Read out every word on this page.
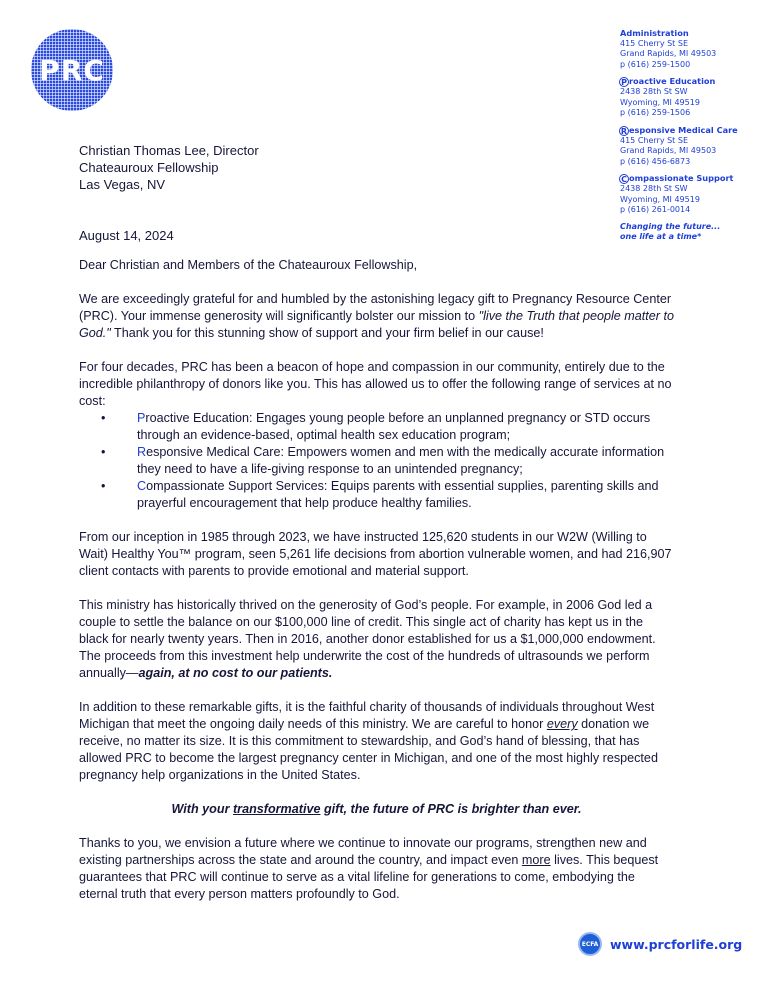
PRC
Administration
415 Cherry St SE
Grand Rapids, MI 49503
p (616) 259-1500
P roactive Education
2438 28th St SW
Wyoming, MI 49519
p (616) 259-1506
R esponsive Medical Care
415 Cherry St SE
Grand Rapids, MI 49503
p (616) 456-6873
C ompassionate Support
2438 28th St SW
Wyoming, MI 49519
p (616) 261-0014
Changing the future...
one life at a time*
Christian Thomas Lee, Director
Chateauroux Fellowship
Las Vegas, NV
August 14, 2024

Dear Christian and Members of the Chateauroux Fellowship,

We are exceedingly grateful for and humbled by the astonishing legacy gift to Pregnancy Resource Center (PRC). Your immense generosity will significantly bolster our mission to "live the Truth that people matter to God." Thank you for this stunning show of support and your firm belief in our cause!

For four decades, PRC has been a beacon of hope and compassion in our community, entirely due to the incredible philanthropy of donors like you. This has allowed us to offer the following range of services at no cost:

• Proactive Education: Engages young people before an unplanned pregnancy or STD occurs through an evidence-based, optimal health sex education program;
• Responsive Medical Care: Empowers women and men with the medically accurate information they need to have a life-giving response to an unintended pregnancy;
• Compassionate Support Services: Equips parents with essential supplies, parenting skills and prayerful encouragement that help produce healthy families.

From our inception in 1985 through 2023, we have instructed 125,620 students in our W2W (Willing to Wait) Healthy You™ program, seen 5,261 life decisions from abortion vulnerable women, and had 216,907 client contacts with parents to provide emotional and material support.

This ministry has historically thrived on the generosity of God’s people. For example, in 2006 God led a couple to settle the balance on our $100,000 line of credit. This single act of charity has kept us in the black for nearly twenty years. Then in 2016, another donor established for us a $1,000,000 endowment. The proceeds from this investment help underwrite the cost of the hundreds of ultrasounds we perform annually—again, at no cost to our patients.

In addition to these remarkable gifts, it is the faithful charity of thousands of individuals throughout West Michigan that meet the ongoing daily needs of this ministry. We are careful to honor every donation we receive, no matter its size. It is this commitment to stewardship, and God’s hand of blessing, that has allowed PRC to become the largest pregnancy center in Michigan, and one of the most highly respected pregnancy help organizations in the United States.

With your transformative gift, the future of PRC is brighter than ever.

Thanks to you, we envision a future where we continue to innovate our programs, strengthen new and existing partnerships across the state and around the country, and impact even more lives. This bequest guarantees that PRC will continue to serve as a vital lifeline for generations to come, embodying the eternal truth that every person matters profoundly to God.

ECFA www.prcforlife.org
